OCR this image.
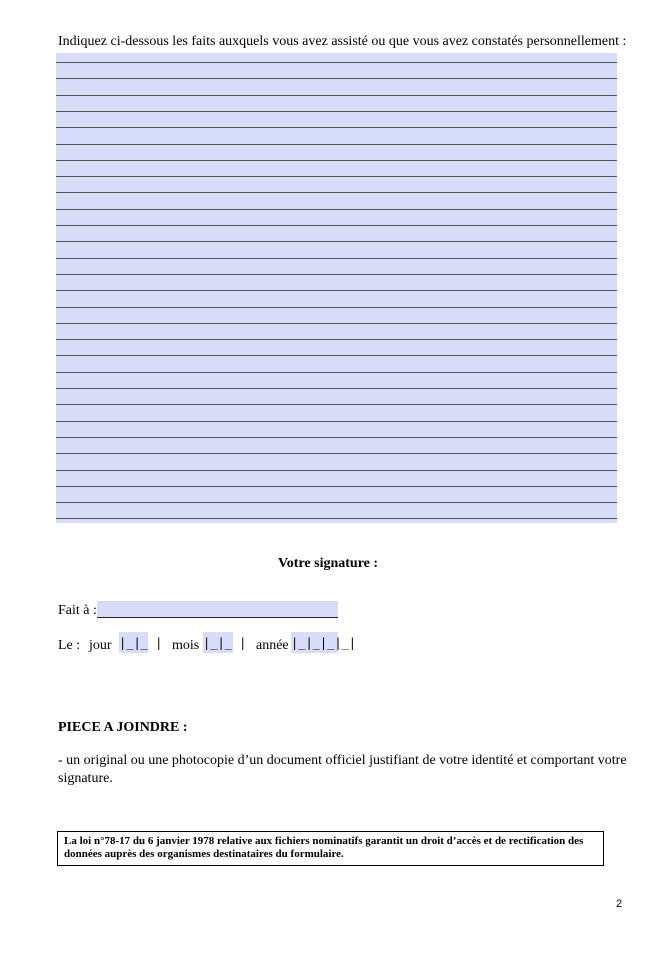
Indiquez ci-dessous les faits auxquels vous avez assisté ou que vous avez constatés personnellement :
Votre signature :
Fait à :
Le : jour |_|_ | mois |_|_ | année |_|_|_|_|
PIECE A JOINDRE :
- un original ou une photocopie d’un document officiel justifiant de votre identité et comportant votre signature.
La loi n°78-17 du 6 janvier 1978 relative aux fichiers nominatifs garantit un droit d’accès et de rectification des données auprès des organismes destinataires du formulaire.
2
